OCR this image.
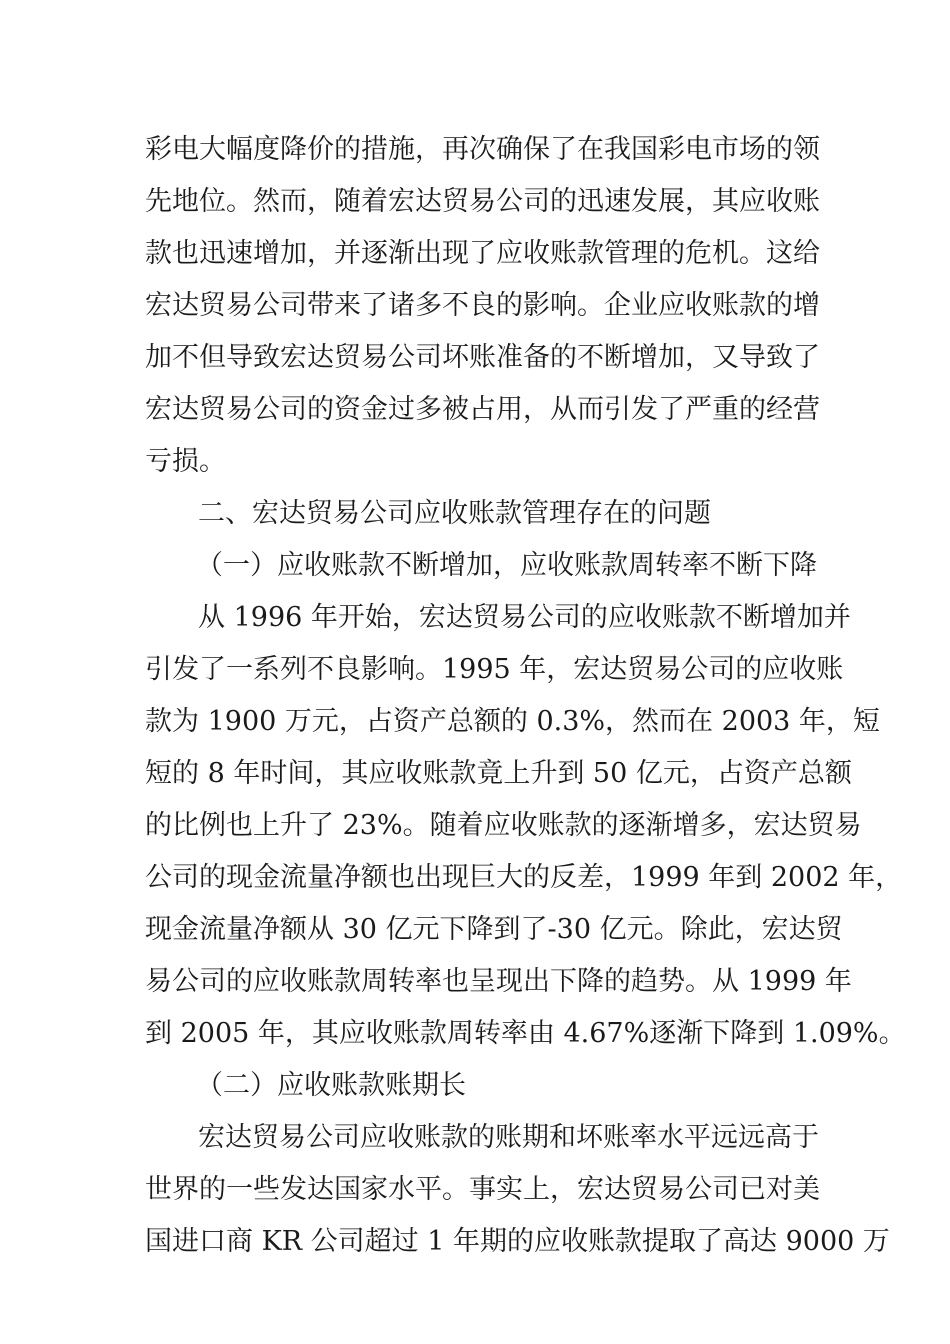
彩电大幅度降价的措施，再次确保了在我国彩电市场的领
先地位。然而，随着宏达贸易公司的迅速发展，其应收账
款也迅速增加，并逐渐出现了应收账款管理的危机。这给
宏达贸易公司带来了诸多不良的影响。企业应收账款的增
加不但导致宏达贸易公司坏账准备的不断增加，又导致了
宏达贸易公司的资金过多被占用，从而引发了严重的经营
亏损。
二、宏达贸易公司应收账款管理存在的问题
（一）应收账款不断增加，应收账款周转率不断下降
从 1996 年开始，宏达贸易公司的应收账款不断增加并
引发了一系列不良影响。1995 年，宏达贸易公司的应收账
款为 1900 万元，占资产总额的 0.3%，然而在 2003 年，短
短的 8 年时间，其应收账款竟上升到 50 亿元，占资产总额
的比例也上升了 23%。随着应收账款的逐渐增多，宏达贸易
公司的现金流量净额也出现巨大的反差，1999 年到 2002 年，
现金流量净额从 30 亿元下降到了-30 亿元。除此，宏达贸
易公司的应收账款周转率也呈现出下降的趋势。从 1999 年
到 2005 年，其应收账款周转率由 4.67%逐渐下降到 1.09%。
（二）应收账款账期长
宏达贸易公司应收账款的账期和坏账率水平远远高于
世界的一些发达国家水平。事实上，宏达贸易公司已对美
国进口商 KR 公司超过 1 年期的应收账款提取了高达 9000 万
